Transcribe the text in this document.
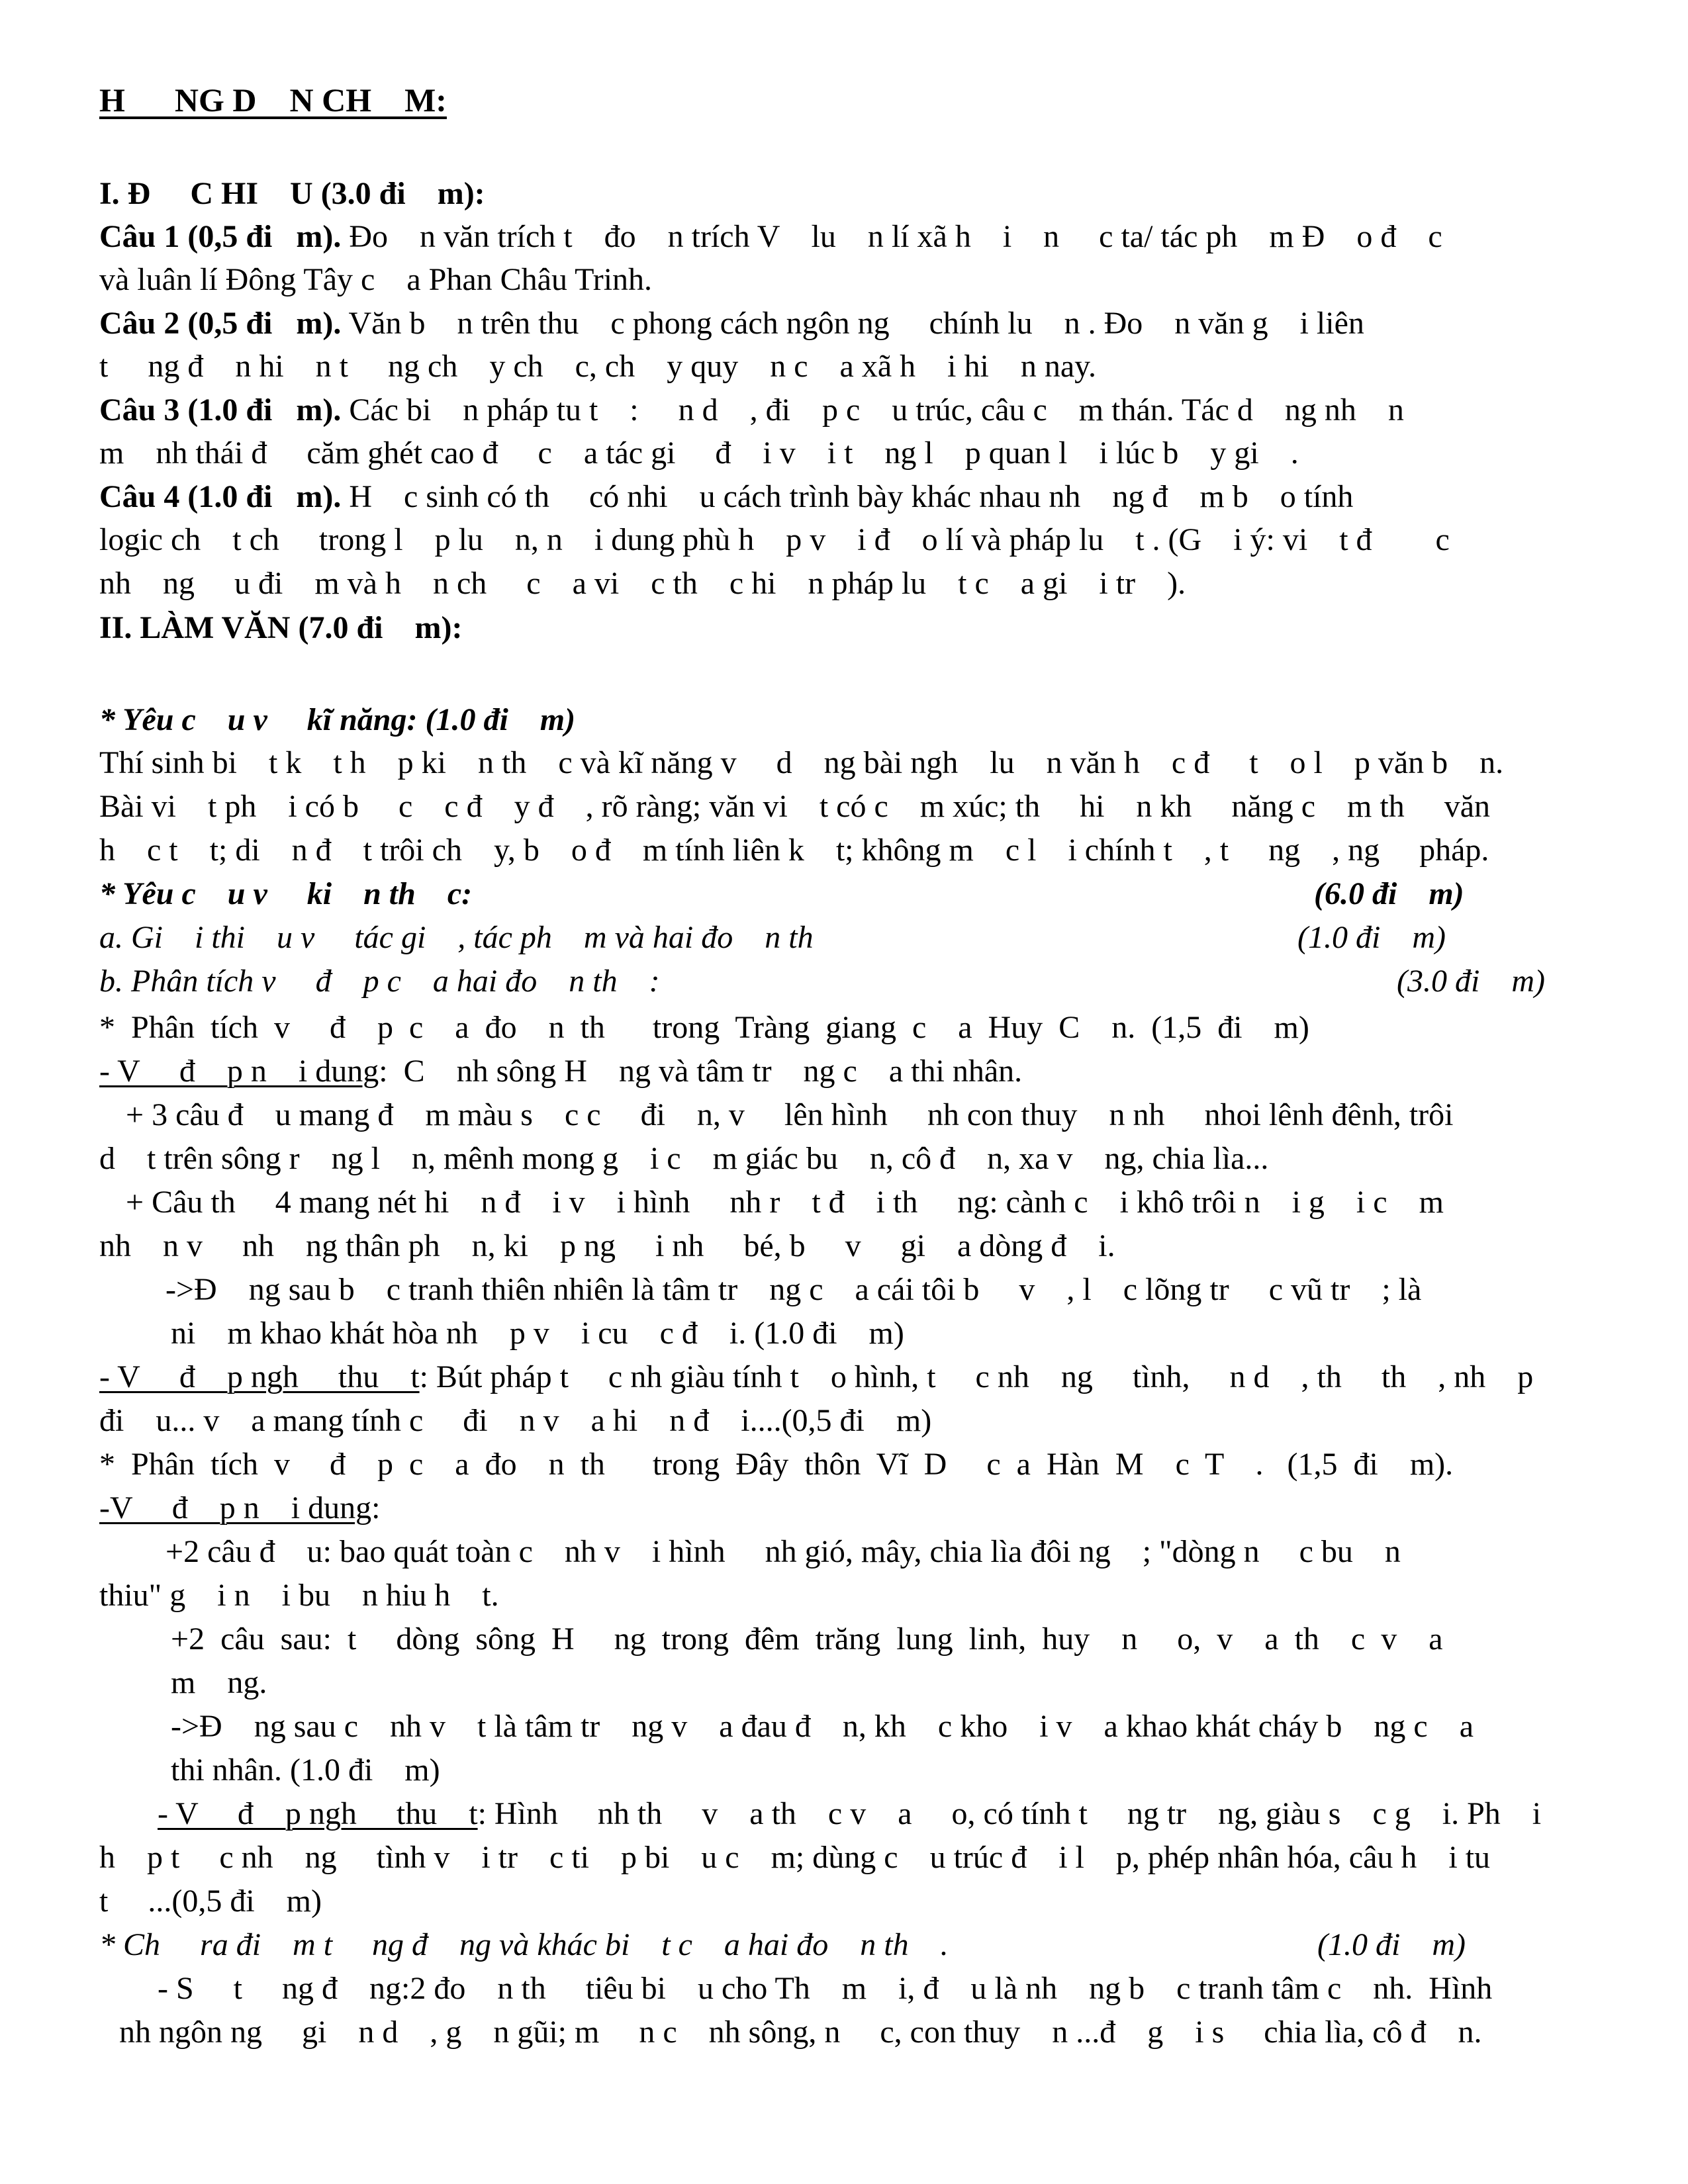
H      NG D    N CH    M:
I. Đ     C HI    U (3.0 đi    m):
Câu 1 (0,5 đi   m). Đo    n văn trích t    đo    n trích V    lu    n lí xã h    i    n     c ta/ tác ph    m Đ    o đ    c
và luân lí Đông Tây c    a Phan Châu Trinh.
Câu 2 (0,5 đi   m). Văn b    n trên thu    c phong cách ngôn ng     chính lu    n . Đo    n văn g    i liên
t     ng đ    n hi    n t     ng ch    y ch    c, ch    y quy    n c    a xã h    i hi    n nay.
Câu 3 (1.0 đi   m). Các bi    n pháp tu t    :     n d    , đi    p c    u trúc, câu c    m thán. Tác d    ng nh    n
m    nh thái đ     căm ghét cao đ     c    a tác gi     đ    i v    i t    ng l    p quan l    i lúc b    y gi    .
Câu 4 (1.0 đi   m). H    c sinh có th     có nhi    u cách trình bày khác nhau nh    ng đ    m b    o tính
logic ch    t ch     trong l    p lu    n, n    i dung phù h    p v    i đ    o lí và pháp lu    t . (G    i ý: vi    t đ        c
nh    ng     u đi    m và h    n ch     c    a vi    c th    c hi    n pháp lu    t c    a gi    i tr    ).
II. LÀM VĂN (7.0 đi    m):
* Yêu c    u v     kĩ năng: (1.0 đi    m)
Thí sinh bi    t k    t h    p ki    n th    c và kĩ năng v     d    ng bài ngh    lu    n văn h    c đ     t    o l    p văn b    n.
Bài vi    t ph    i có b     c    c đ    y đ    , rõ ràng; văn vi    t có c    m xúc; th     hi    n kh     năng c    m th     văn
h    c t    t; di    n đ    t trôi ch    y, b    o đ    m tính liên k    t; không m    c l    i chính t    , t     ng    , ng     pháp.
* Yêu c    u v     ki    n th    c:	(6.0 đi    m)
a. Gi    i thi    u v     tác gi    , tác ph    m và hai đo    n th	(1.0 đi    m)
b. Phân tích v     đ    p c    a hai đo    n th    :	(3.0 đi    m)
*  Phân  tích  v     đ    p  c    a  đo    n  th      trong  Tràng  giang  c    a  Huy  C    n.  (1,5  đi    m)
- V     đ    p n    i dung:  C    nh sông H    ng và tâm tr    ng c    a thi nhân.
+ 3 câu đ    u mang đ    m màu s    c c     đi    n, v     lên hình     nh con thuy    n nh     nhoi lênh đênh, trôi
d    t trên sông r    ng l    n, mênh mong g    i c    m giác bu    n, cô đ    n, xa v    ng, chia lìa...
+ Câu th     4 mang nét hi    n đ    i v    i hình     nh r    t đ    i th     ng: cành c    i khô trôi n    i g    i c    m
nh    n v     nh    ng thân ph    n, ki    p ng     i nh     bé, b     v     gi    a dòng đ    i.
->Đ    ng sau b    c tranh thiên nhiên là tâm tr    ng c    a cái tôi b     v    , l    c lõng tr     c vũ tr    ; là
ni    m khao khát hòa nh    p v    i cu    c đ    i. (1.0 đi    m)
- V     đ    p ngh     thu    t: Bút pháp t     c nh giàu tính t    o hình, t     c nh    ng     tình,     n d    , th     th    , nh    p
đi    u... v    a mang tính c     đi    n v    a hi    n đ    i....(0,5 đi    m)
*  Phân  tích  v     đ    p  c    a  đo    n  th      trong  Đây  thôn  Vĩ  D     c  a  Hàn  M    c  T    .   (1,5  đi    m).
-V     đ    p n    i dung:
+2 câu đ    u: bao quát toàn c    nh v    i hình     nh gió, mây, chia lìa đôi ng    ; "dòng n     c bu    n
thiu" g    i n    i bu    n hiu h    t.
+2  câu  sau:  t     dòng  sông  H     ng  trong  đêm  trăng  lung  linh,  huy    n     o,  v    a  th    c  v    a
m    ng.
->Đ    ng sau c    nh v    t là tâm tr    ng v    a đau đ    n, kh    c kho    i v    a khao khát cháy b    ng c    a
thi nhân. (1.0 đi    m)
- V     đ    p ngh     thu    t: Hình     nh th     v    a th    c v    a     o, có tính t     ng tr    ng, giàu s    c g    i. Ph    i
h    p t     c nh    ng     tình v    i tr    c ti    p bi    u c    m; dùng c    u trúc đ    i l    p, phép nhân hóa, câu h    i tu
t     ...(0,5 đi    m)
* Ch     ra đi    m t     ng đ    ng và khác bi    t c    a hai đo    n th    .	(1.0 đi    m)
- S     t     ng đ    ng:2 đo    n th     tiêu bi    u cho Th    m    i, đ    u là nh    ng b    c tranh tâm c    nh.  Hình
nh ngôn ng     gi    n d    , g    n gũi; m     n c    nh sông, n     c, con thuy    n ...đ    g    i s     chia lìa, cô đ    n.
